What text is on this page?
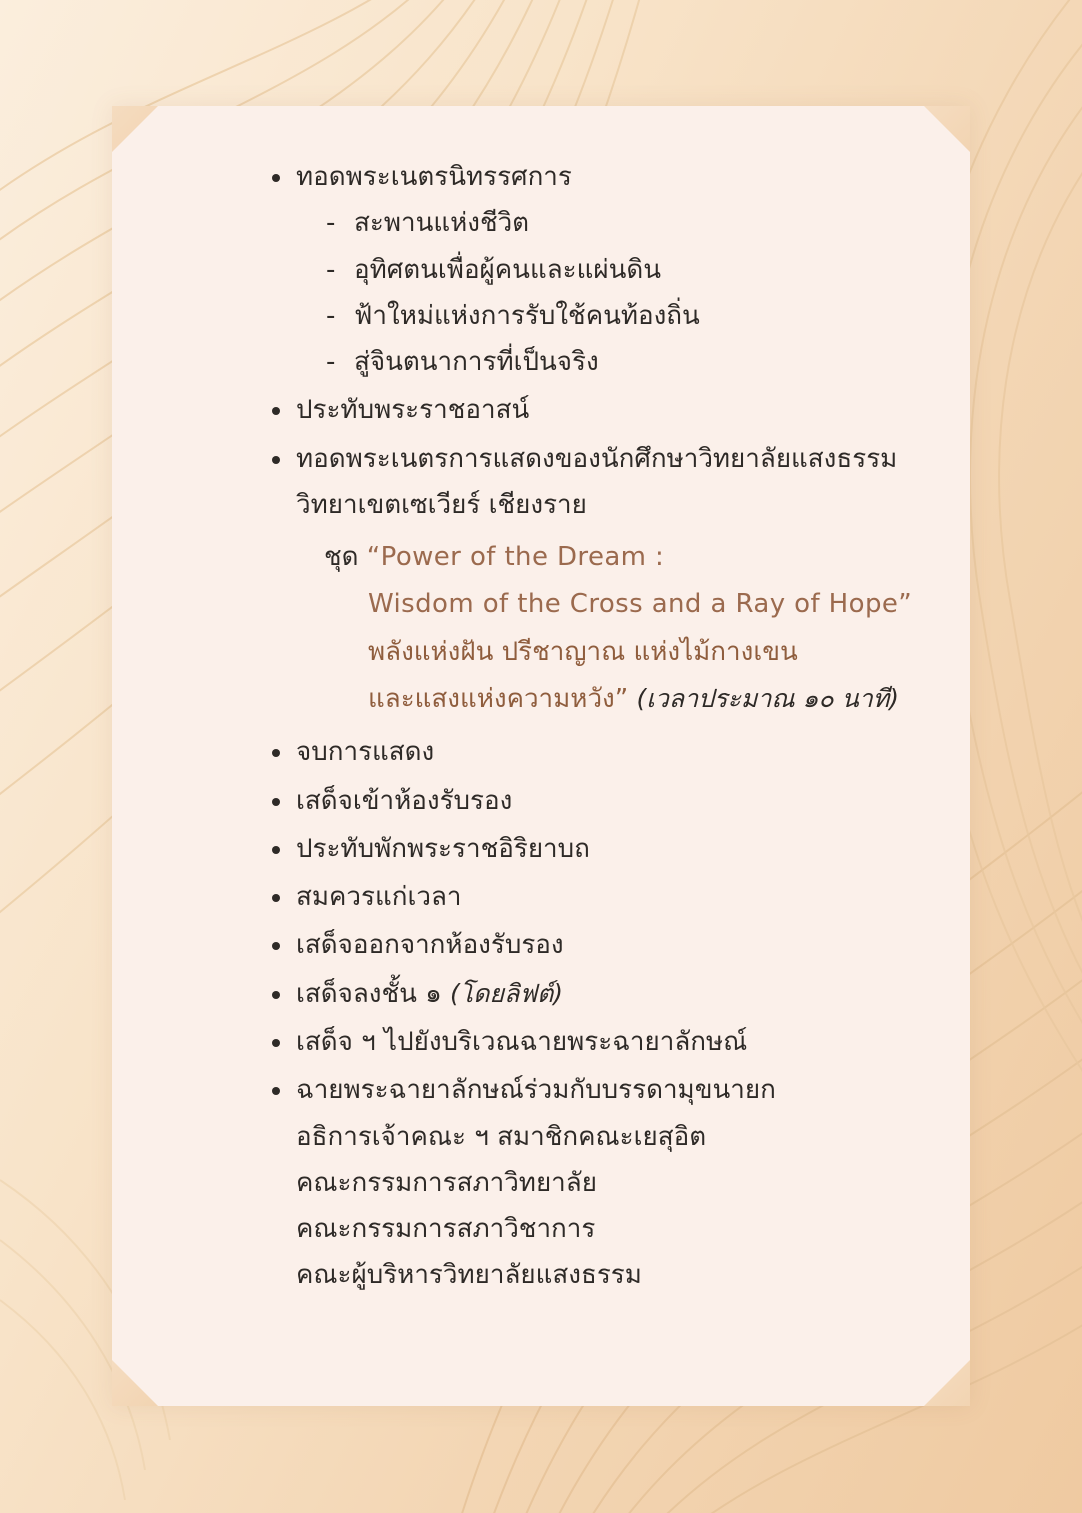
ทอดพระเนตรนิทรรศการ
- สะพานแห่งชีวิต
- อุทิศตนเพื่อผู้คนและแผ่นดิน
- ฟ้าใหม่แห่งการรับใช้คนท้องถิ่น
- สู่จินตนาการที่เป็นจริง
ประทับพระราชอาสน์
ทอดพระเนตรการแสดงของนักศึกษาวิทยาลัยแสงธรรม
วิทยาเขตเซเวียร์ เชียงราย
ชุด “Power of the Dream :
Wisdom of the Cross and a Ray of Hope”
พลังแห่งฝัน ปรีชาญาณ แห่งไม้กางเขน
และแสงแห่งความหวัง” (เวลาประมาณ ๑๐ นาที)
จบการแสดง
เสด็จเข้าห้องรับรอง
ประทับพักพระราชอิริยาบถ
สมควรแก่เวลา
เสด็จออกจากห้องรับรอง
เสด็จลงชั้น ๑ (โดยลิฟต์)
เสด็จ ฯ ไปยังบริเวณฉายพระฉายาลักษณ์
ฉายพระฉายาลักษณ์ร่วมกับบรรดามุขนายก
อธิการเจ้าคณะ ฯ สมาชิกคณะเยสุอิต
คณะกรรมการสภาวิทยาลัย
คณะกรรมการสภาวิชาการ
คณะผู้บริหารวิทยาลัยแสงธรรม
